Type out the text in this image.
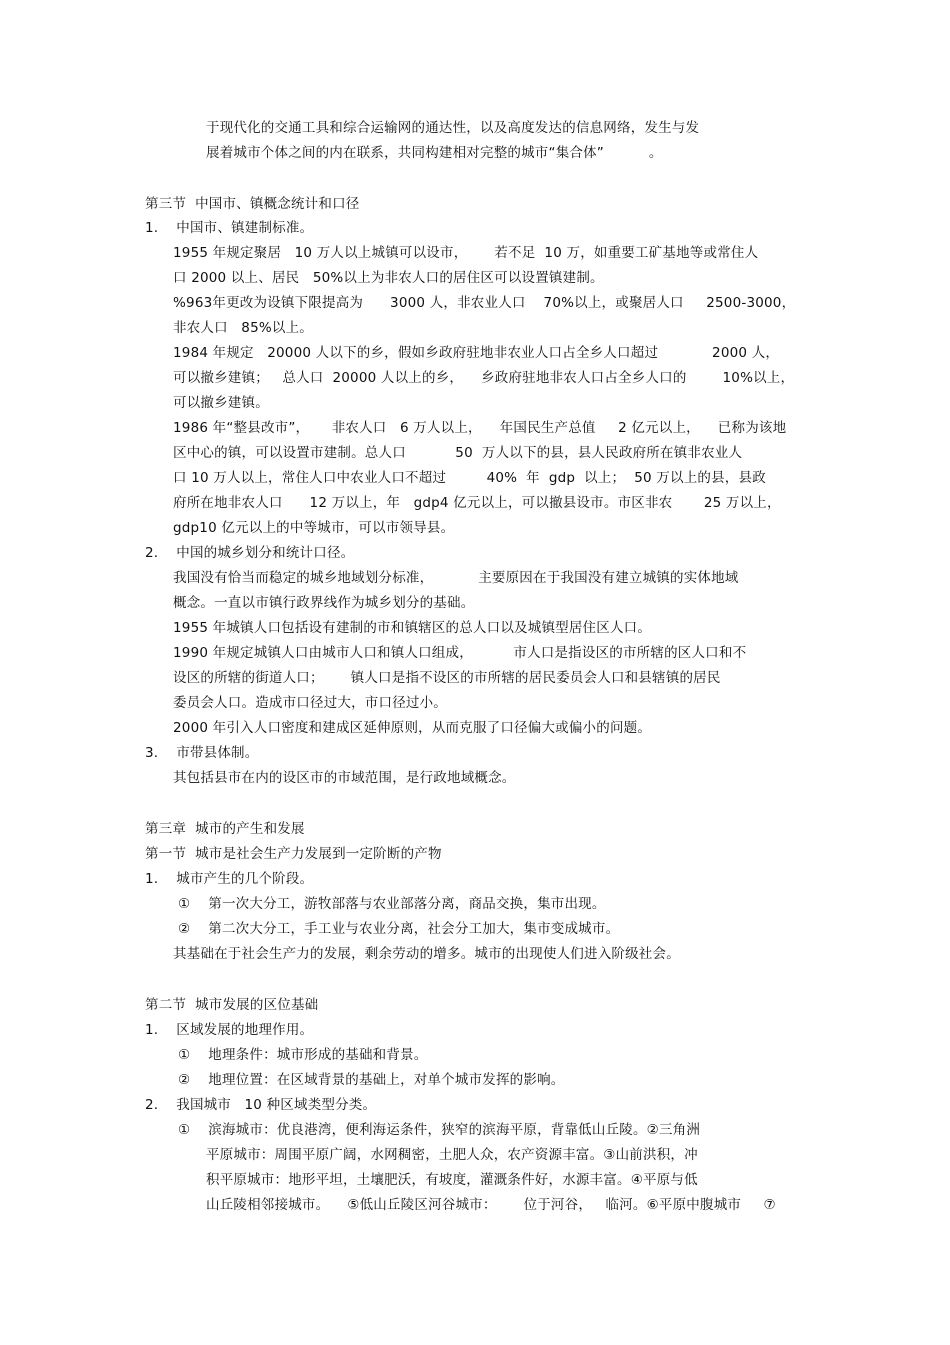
于现代化的交通工具和综合运输网的通达性，以及高度发达的信息网络，发生与发
展着城市个体之间的内在联系，共同构建相对完整的城市“集合体”          。
第三节  中国市、镇概念统计和口径
1.    中国市、镇建制标准。
1955 年规定聚居   10 万人以上城镇可以设市，      若不足  10 万，如重要工矿基地等或常住人
口 2000 以上、居民   50%以上为非农人口的居住区可以设置镇建制。
%963年更改为设镇下限提高为      3000 人，非农业人口    70%以上，或聚居人口     2500-3000，
非农人口   85%以上。
1984 年规定   20000 人以下的乡，假如乡政府驻地非农业人口占全乡人口超过            2000 人，
可以撤乡建镇；   总人口  20000 人以上的乡，    乡政府驻地非农人口占全乡人口的        10%以上，
可以撤乡建镇。
1986 年“整县改市”，     非农人口   6 万人以上，    年国民生产总值     2 亿元以上，    已称为该地
区中心的镇，可以设置市建制。总人口           50  万人以下的县，县人民政府所在镇非农业人
口 10 万人以上，常住人口中农业人口不超过         40%  年  gdp  以上；  50 万以上的县，县政
府所在地非农人口      12 万以上，年   gdp4 亿元以上，可以撤县设市。市区非农       25 万以上，
gdp10 亿元以上的中等城市，可以市领导县。
2.    中国的城乡划分和统计口径。
我国没有恰当而稳定的城乡地域划分标准，          主要原因在于我国没有建立城镇的实体地域
概念。一直以市镇行政界线作为城乡划分的基础。
1955 年城镇人口包括设有建制的市和镇辖区的总人口以及城镇型居住区人口。
1990 年规定城镇人口由城市人口和镇人口组成，         市人口是指设区的市所辖的区人口和不
设区的所辖的街道人口；      镇人口是指不设区的市所辖的居民委员会人口和县辖镇的居民
委员会人口。造成市口径过大，市口径过小。
2000 年引入人口密度和建成区延伸原则，从而克服了口径偏大或偏小的问题。
3.    市带县体制。
其包括县市在内的设区市的市域范围，是行政地域概念。
第三章  城市的产生和发展
第一节  城市是社会生产力发展到一定阶断的产物
1.    城市产生的几个阶段。
①    第一次大分工，游牧部落与农业部落分离，商品交换，集市出现。
②    第二次大分工，手工业与农业分离，社会分工加大，集市变成城市。
其基础在于社会生产力的发展，剩余劳动的增多。城市的出现使人们进入阶级社会。
第二节  城市发展的区位基础
1.    区域发展的地理作用。
①    地理条件：城市形成的基础和背景。
②    地理位置：在区域背景的基础上，对单个城市发挥的影响。
2.    我国城市   10 种区域类型分类。
①    滨海城市：优良港湾，便利海运条件，狭窄的滨海平原，背靠低山丘陵。②三角洲
平原城市：周围平原广阔，水网稠密，土肥人众，农产资源丰富。③山前洪积，冲
积平原城市：地形平坦，土壤肥沃，有坡度，灌溉条件好，水源丰富。④平原与低
山丘陵相邻接城市。    ⑤低山丘陵区河谷城市：      位于河谷，   临河。⑥平原中腹城市     ⑦
